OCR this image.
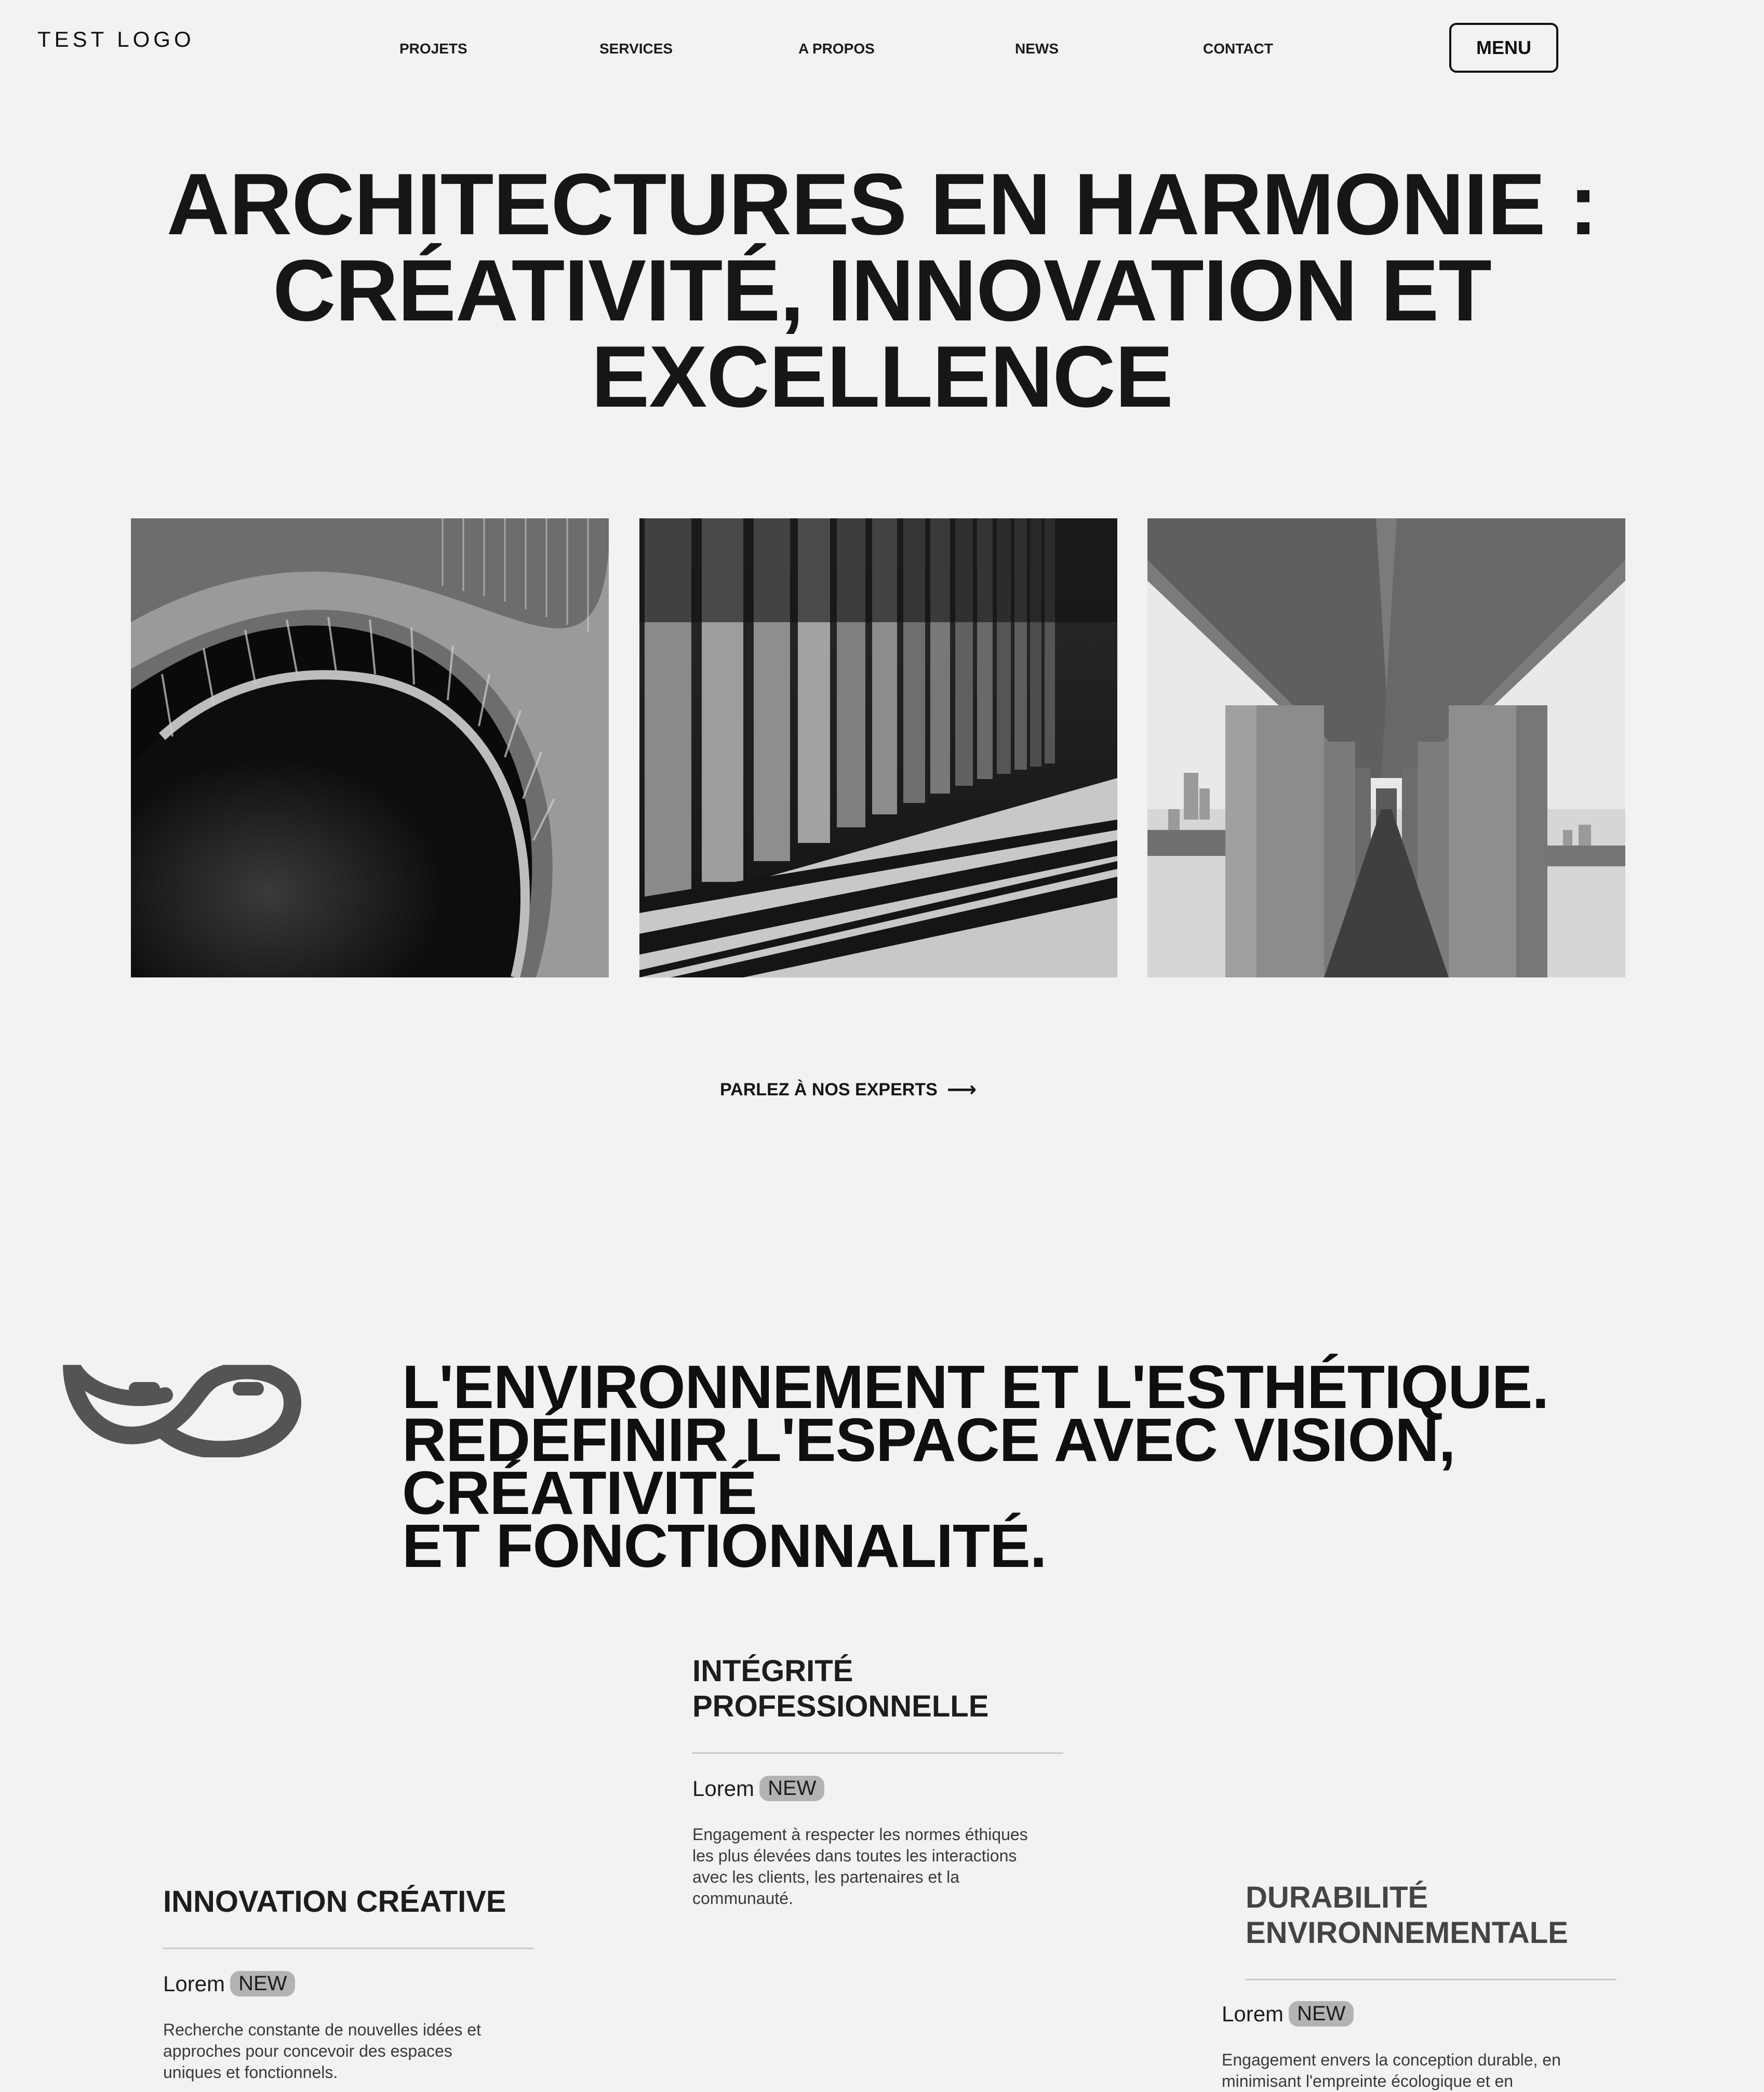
TEST LOGO	PROJETS	SERVICES	A PROPOS	NEWS	CONTACT	MENU
ARCHITECTURES EN HARMONIE :
CRÉATIVITÉ, INNOVATION ET
EXCELLENCE
PARLEZ À NOS EXPERTS ⟶
L'ENVIRONNEMENT ET L'ESTHÉTIQUE.
REDÉFINIR L'ESPACE AVEC VISION, CRÉATIVITÉ
ET FONCTIONNALITÉ.
INTÉGRITÉ
PROFESSIONNELLE
Lorem NEW
Engagement à respecter les normes éthiques
les plus élevées dans toutes les interactions
avec les clients, les partenaires et la
communauté.
INNOVATION CRÉATIVE
Lorem NEW
Recherche constante de nouvelles idées et
approches pour concevoir des espaces
uniques et fonctionnels.
DURABILITÉ
ENVIRONNEMENTALE
Lorem NEW
Engagement envers la conception durable, en
minimisant l'empreinte écologique et en
